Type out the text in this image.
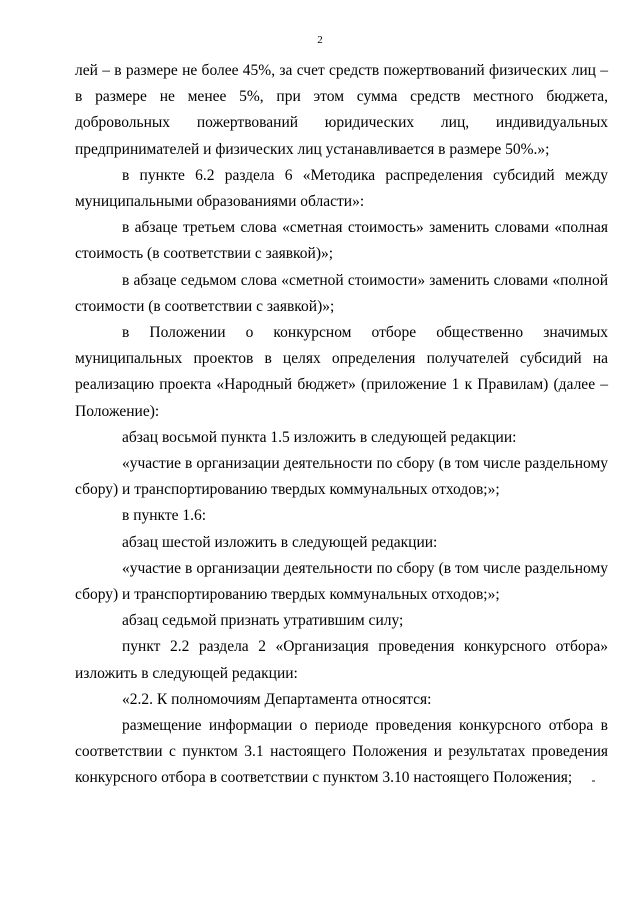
2

лей – в размере не более 45%, за счет средств пожертвований физических лиц – в размере не менее 5%, при этом сумма средств местного бюджета, добровольных пожертвований юридических лиц, индивидуальных предпринимателей и физических лиц устанавливается в размере 50%.»;

в пункте 6.2 раздела 6 «Методика распределения субсидий между муниципальными образованиями области»:

в абзаце третьем слова «сметная стоимость» заменить словами «полная стоимость (в соответствии с заявкой)»;

в абзаце седьмом слова «сметной стоимости» заменить словами «полной стоимости (в соответствии с заявкой)»;

в Положении о конкурсном отборе общественно значимых муниципальных проектов в целях определения получателей субсидий на реализацию проекта «Народный бюджет» (приложение 1 к Правилам) (далее – Положение):

абзац восьмой пункта 1.5 изложить в следующей редакции:

«участие в организации деятельности по сбору (в том числе раздельному сбору) и транспортированию твердых коммунальных отходов;»;

в пункте 1.6:

абзац шестой изложить в следующей редакции:

«участие в организации деятельности по сбору (в том числе раздельному сбору) и транспортированию твердых коммунальных отходов;»;

абзац седьмой признать утратившим силу;

пункт 2.2 раздела 2 «Организация проведения конкурсного отбора» изложить в следующей редакции:

«2.2. К полномочиям Департамента относятся:

размещение информации о периоде проведения конкурсного отбора в соответствии с пунктом 3.1 настоящего Положения и результатах проведения конкурсного отбора в соответствии с пунктом 3.10 настоящего Положения;
